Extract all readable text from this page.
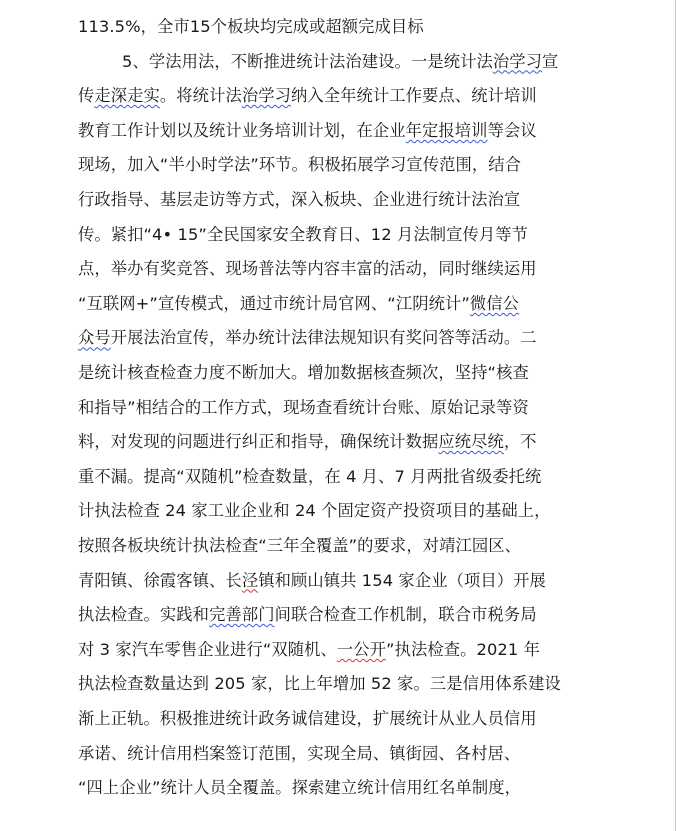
113.5%，全市15个板块均完成或超额完成目标
5、学法用法，不断推进统计法治建设。一是统计法治学习宣
传走深走实。将统计法治学习纳入全年统计工作要点、统计培训
教育工作计划以及统计业务培训计划，在企业年定报培训等会议
现场，加入“半小时学法”环节。积极拓展学习宣传范围，结合
行政指导、基层走访等方式，深入板块、企业进行统计法治宣
传。紧扣“4• 15”全民国家安全教育日、12 月法制宣传月等节
点，举办有奖竞答、现场普法等内容丰富的活动，同时继续运用
“互联网+”宣传模式，通过市统计局官网、“江阴统计”微信公
众号开展法治宣传，举办统计法律法规知识有奖问答等活动。二
是统计核查检查力度不断加大。增加数据核查频次，坚持“核查
和指导”相结合的工作方式，现场查看统计台账、原始记录等资
料，对发现的问题进行纠正和指导，确保统计数据应统尽统，不
重不漏。提高“双随机”检查数量，在 4 月、7 月两批省级委托统
计执法检查 24 家工业企业和 24 个固定资产投资项目的基础上，
按照各板块统计执法检查“三年全覆盖”的要求，对靖江园区、
青阳镇、徐霞客镇、长泾镇和顾山镇共 154 家企业（项目）开展
执法检查。实践和完善部门间联合检查工作机制，联合市税务局
对 3 家汽车零售企业进行“双随机、一公开”执法检查。2021 年
执法检查数量达到 205 家，比上年增加 52 家。三是信用体系建设
渐上正轨。积极推进统计政务诚信建设，扩展统计从业人员信用
承诺、统计信用档案签订范围，实现全局、镇街园、各村居、
“四上企业”统计人员全覆盖。探索建立统计信用红名单制度，
